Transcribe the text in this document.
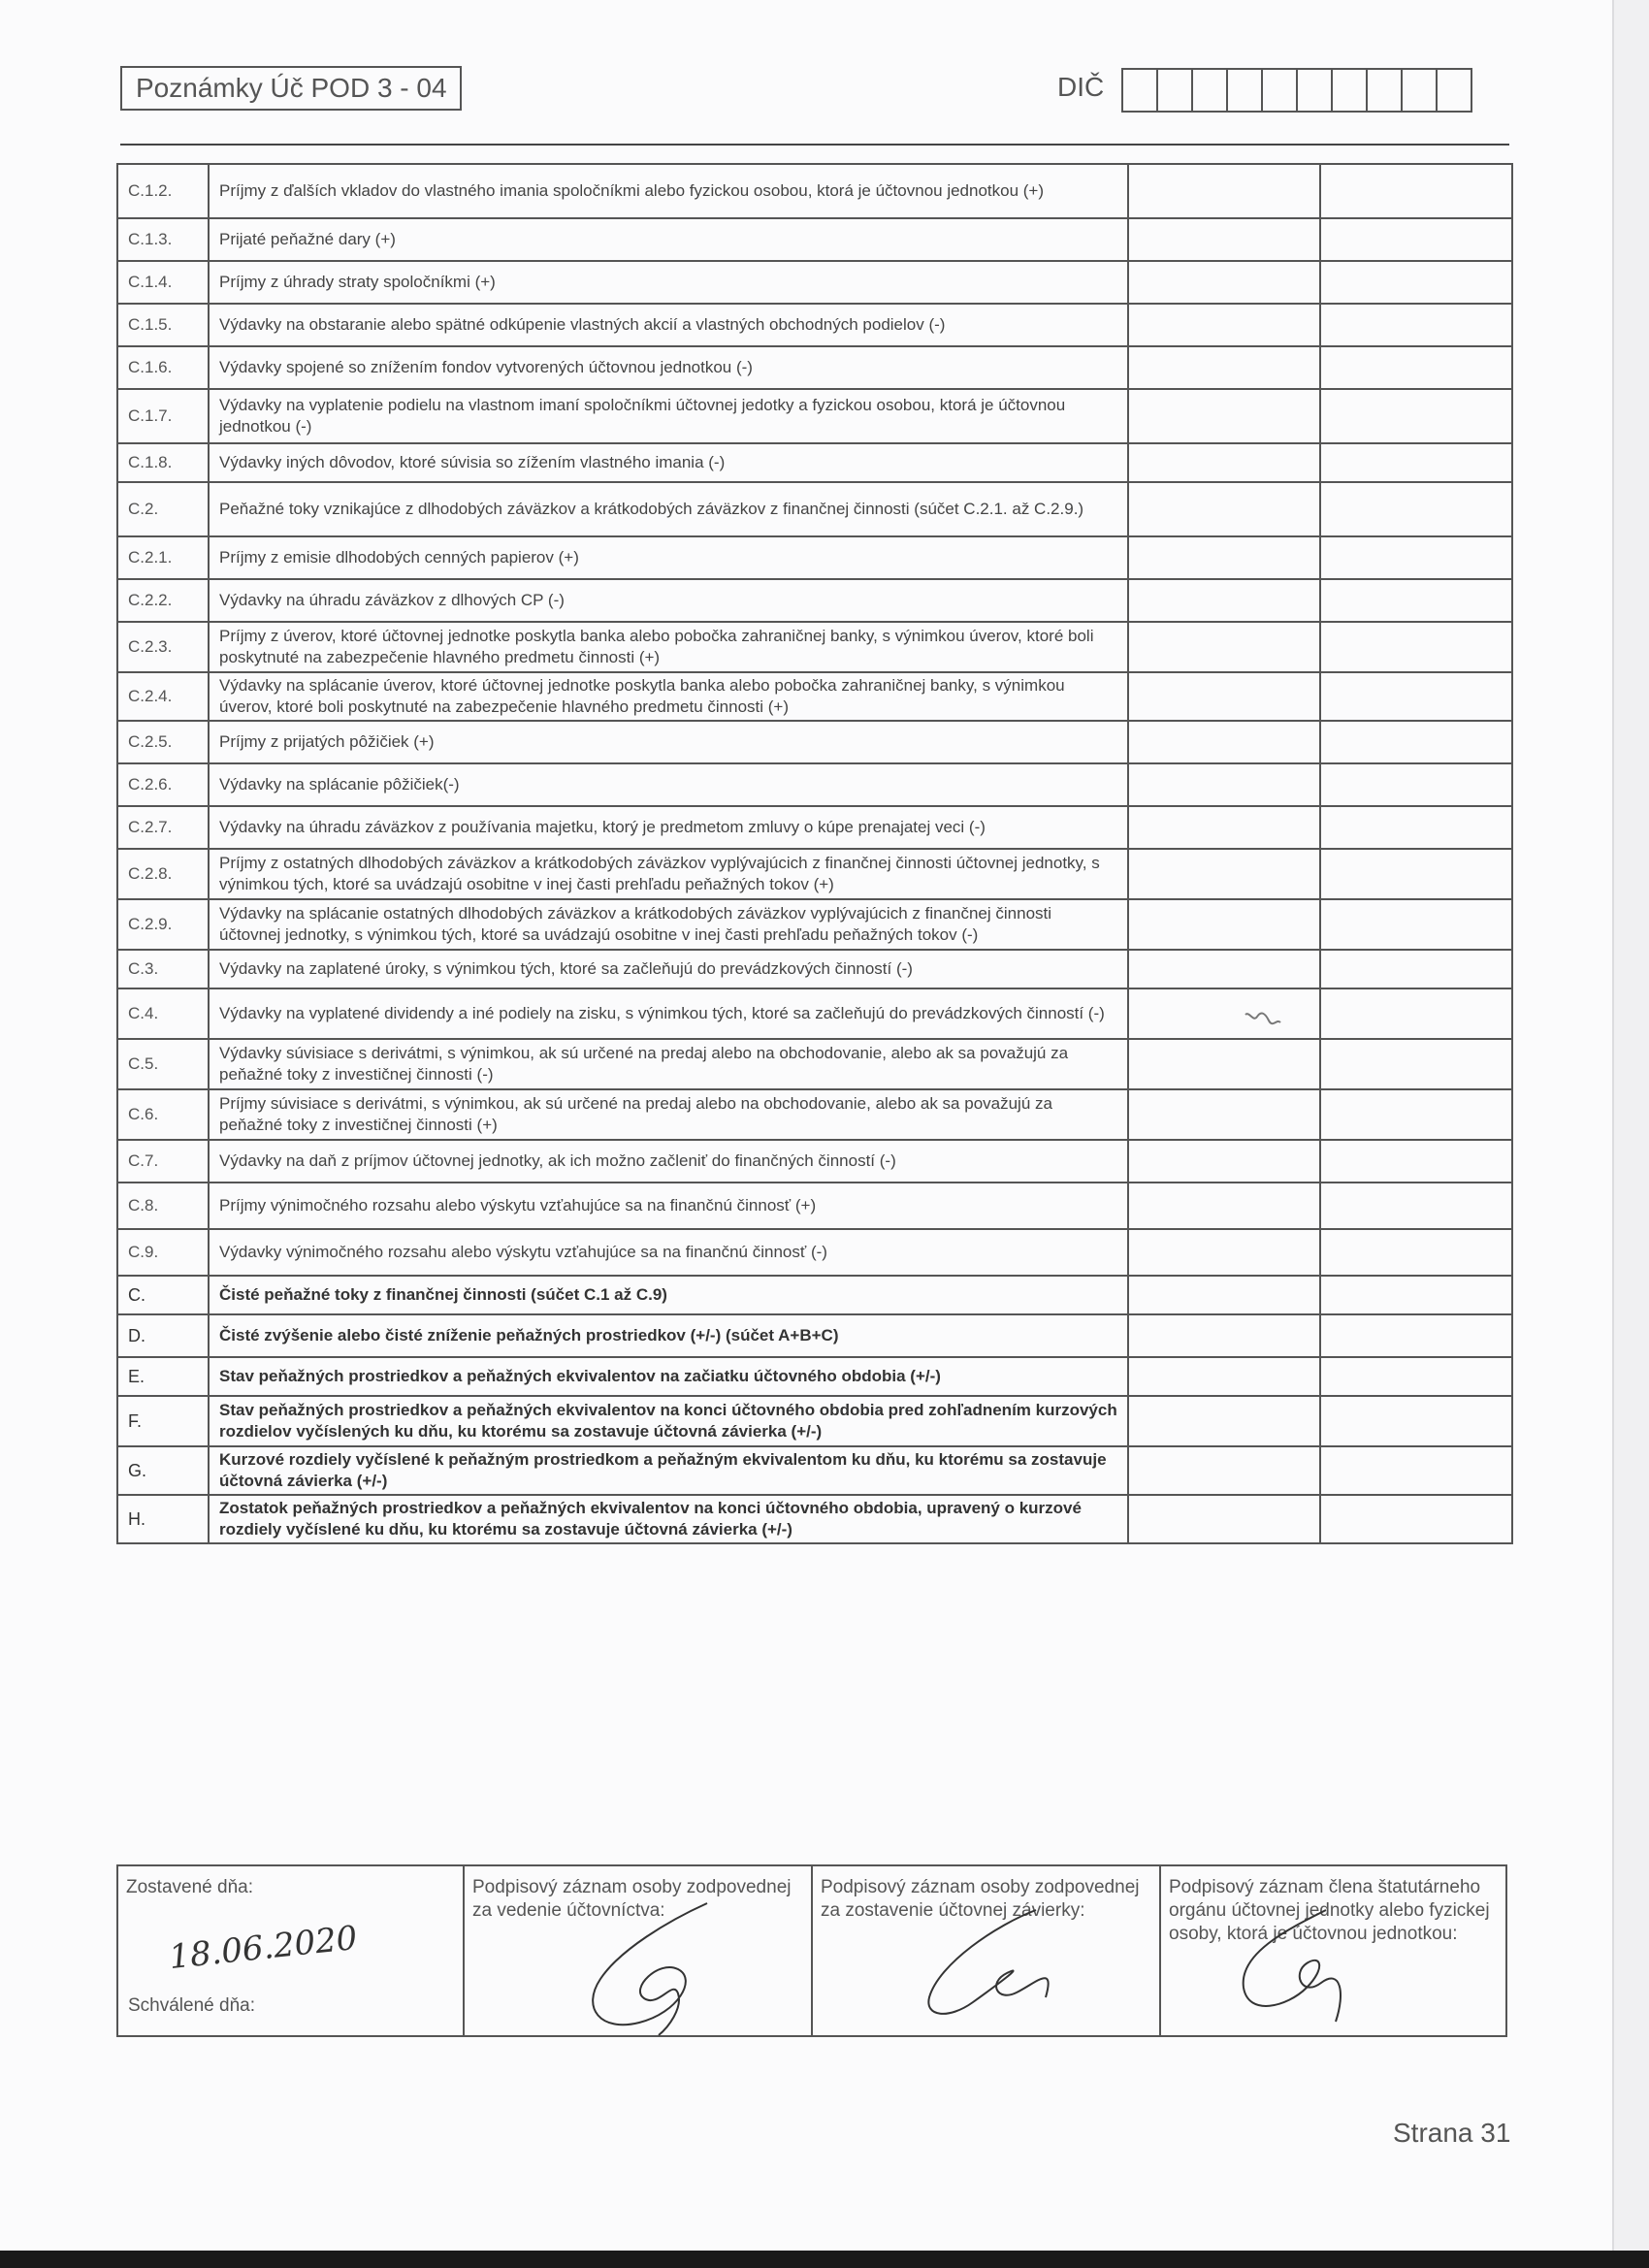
Poznámky Úč POD 3 - 04	DIČ
C.1.2.	Príjmy z ďalších vkladov do vlastného imania spoločníkmi alebo fyzickou osobou, ktorá je účtovnou jednotkou (+)		
C.1.3.	Prijaté peňažné dary (+)		
C.1.4.	Príjmy z úhrady straty spoločníkmi (+)		
C.1.5.	Výdavky na obstaranie alebo spätné odkúpenie vlastných akcií a vlastných obchodných podielov (-)		
C.1.6.	Výdavky spojené so znížením fondov vytvorených účtovnou jednotkou (-)		
C.1.7.	Výdavky na vyplatenie podielu na vlastnom imaní spoločníkmi účtovnej jedotky a fyzickou osobou, ktorá je účtovnou jednotkou (-)		
C.1.8.	Výdavky iných dôvodov, ktoré súvisia so zížením vlastného imania (-)		
C.2.	Peňažné toky vznikajúce z dlhodobých záväzkov a krátkodobých záväzkov z finančnej činnosti (súčet C.2.1. až C.2.9.)		
C.2.1.	Príjmy z emisie dlhodobých cenných papierov (+)		
C.2.2.	Výdavky na úhradu záväzkov z dlhových CP (-)		
C.2.3.	Príjmy z úverov, ktoré účtovnej jednotke poskytla banka alebo pobočka zahraničnej banky, s výnimkou úverov, ktoré boli poskytnuté na zabezpečenie hlavného predmetu činnosti (+)		
C.2.4.	Výdavky na splácanie úverov, ktoré účtovnej jednotke poskytla banka alebo pobočka zahraničnej banky, s výnimkou úverov, ktoré boli poskytnuté na zabezpečenie hlavného predmetu činnosti (+)		
C.2.5.	Príjmy z prijatých pôžičiek (+)		
C.2.6.	Výdavky na splácanie pôžičiek(-)		
C.2.7.	Výdavky na úhradu záväzkov z používania majetku, ktorý je predmetom zmluvy o kúpe prenajatej veci (-)		
C.2.8.	Príjmy z ostatných dlhodobých záväzkov a krátkodobých záväzkov vyplývajúcich z finančnej činnosti účtovnej jednotky, s výnimkou tých, ktoré sa uvádzajú osobitne v inej časti prehľadu peňažných tokov (+)		
C.2.9.	Výdavky na splácanie ostatných dlhodobých záväzkov a krátkodobých záväzkov vyplývajúcich z finančnej činnosti účtovnej jednotky, s výnimkou tých, ktoré sa uvádzajú osobitne v inej časti prehľadu peňažných tokov (-)		
C.3.	Výdavky na zaplatené úroky, s výnimkou tých, ktoré sa začleňujú do prevádzkových činností (-)		
C.4.	Výdavky na vyplatené dividendy a iné podiely na zisku, s výnimkou tých, ktoré sa začleňujú do prevádzkových činností (-)		
C.5.	Výdavky súvisiace s derivátmi, s výnimkou, ak sú určené na predaj alebo na obchodovanie, alebo ak sa považujú za peňažné toky z investičnej činnosti (-)		
C.6.	Príjmy súvisiace s derivátmi, s výnimkou, ak sú určené na predaj alebo na obchodovanie, alebo ak sa považujú za peňažné toky z investičnej činnosti (+)		
C.7.	Výdavky na daň z príjmov účtovnej jednotky, ak ich možno začleniť do finančných činností (-)		
C.8.	Príjmy výnimočného rozsahu alebo výskytu vzťahujúce sa na finančnú činnosť (+)		
C.9.	Výdavky výnimočného rozsahu alebo výskytu vzťahujúce sa na finančnú činnosť (-)		
C.	Čisté peňažné toky z finančnej činnosti (súčet C.1 až C.9)		
D.	Čisté zvýšenie alebo čisté zníženie peňažných prostriedkov (+/-) (súčet A+B+C)		
E.	Stav peňažných prostriedkov a peňažných ekvivalentov na začiatku účtovného obdobia (+/-)		
F.	Stav peňažných prostriedkov a peňažných ekvivalentov na konci účtovného obdobia pred zohľadnením kurzových rozdielov vyčíslených ku dňu, ku ktorému sa zostavuje účtovná závierka (+/-)		
G.	Kurzové rozdiely vyčíslené k peňažným prostriedkom a peňažným ekvivalentom ku dňu, ku ktorému sa zostavuje účtovná závierka (+/-)		
H.	Zostatok peňažných prostriedkov a peňažných ekvivalentov na konci účtovného obdobia, upravený o kurzové rozdiely vyčíslené ku dňu, ku ktorému sa zostavuje účtovná závierka (+/-)		
Zostavené dňa:
18.06.2020
Schválené dňa:
Podpisový záznam osoby zodpovednej za vedenie účtovníctva:
Podpisový záznam osoby zodpovednej za zostavenie účtovnej závierky:
Podpisový záznam člena štatutárneho orgánu účtovnej jednotky alebo fyzickej osoby, ktorá je účtovnou jednotkou:
Strana 31
